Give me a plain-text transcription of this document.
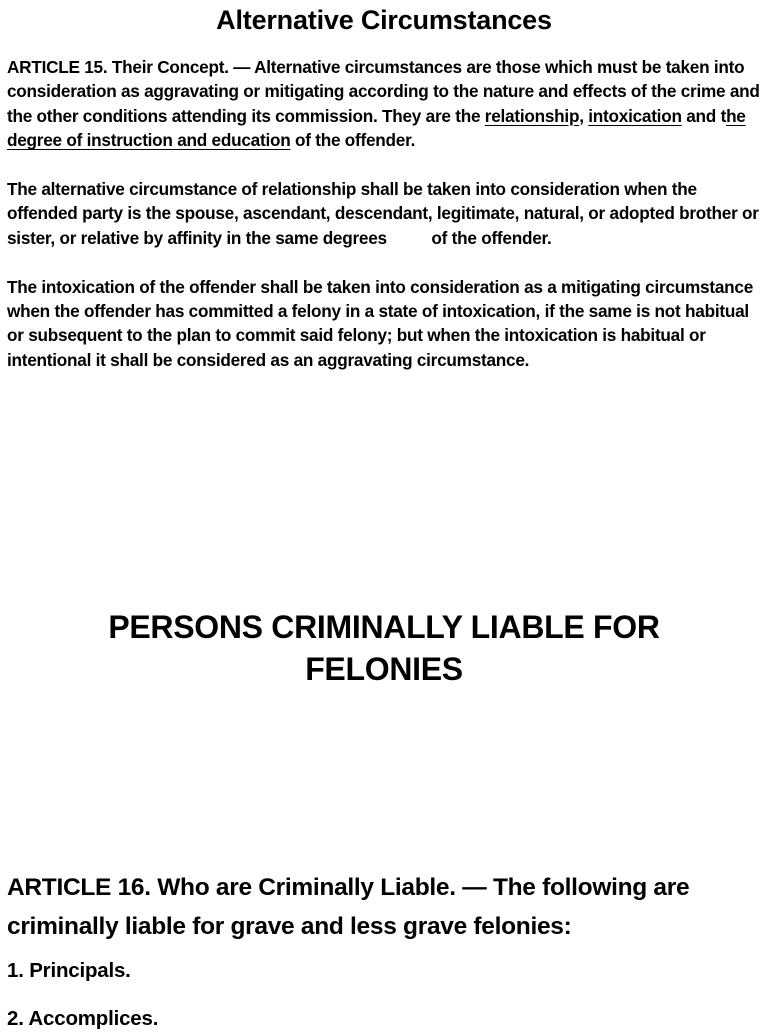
Alternative Circumstances

ARTICLE 15. Their Concept. — Alternative circumstances are those which must be taken into consideration as aggravating or mitigating according to the nature and effects of the crime and the other conditions attending its commission. They are the relationship, intoxication and the degree of instruction and education of the offender.

The alternative circumstance of relationship shall be taken into consideration when the offended party is the spouse, ascendant, descendant, legitimate, natural, or adopted brother or sister, or relative by affinity in the same degrees of the offender.

The intoxication of the offender shall be taken into consideration as a mitigating circumstance when the offender has committed a felony in a state of intoxication, if the same is not habitual or subsequent to the plan to commit said felony; but when the intoxication is habitual or intentional it shall be considered as an aggravating circumstance.

PERSONS CRIMINALLY LIABLE FOR
FELONIES

ARTICLE 16. Who are Criminally Liable. — The following are criminally liable for grave and less grave felonies:

1. Principals.

2. Accomplices.
